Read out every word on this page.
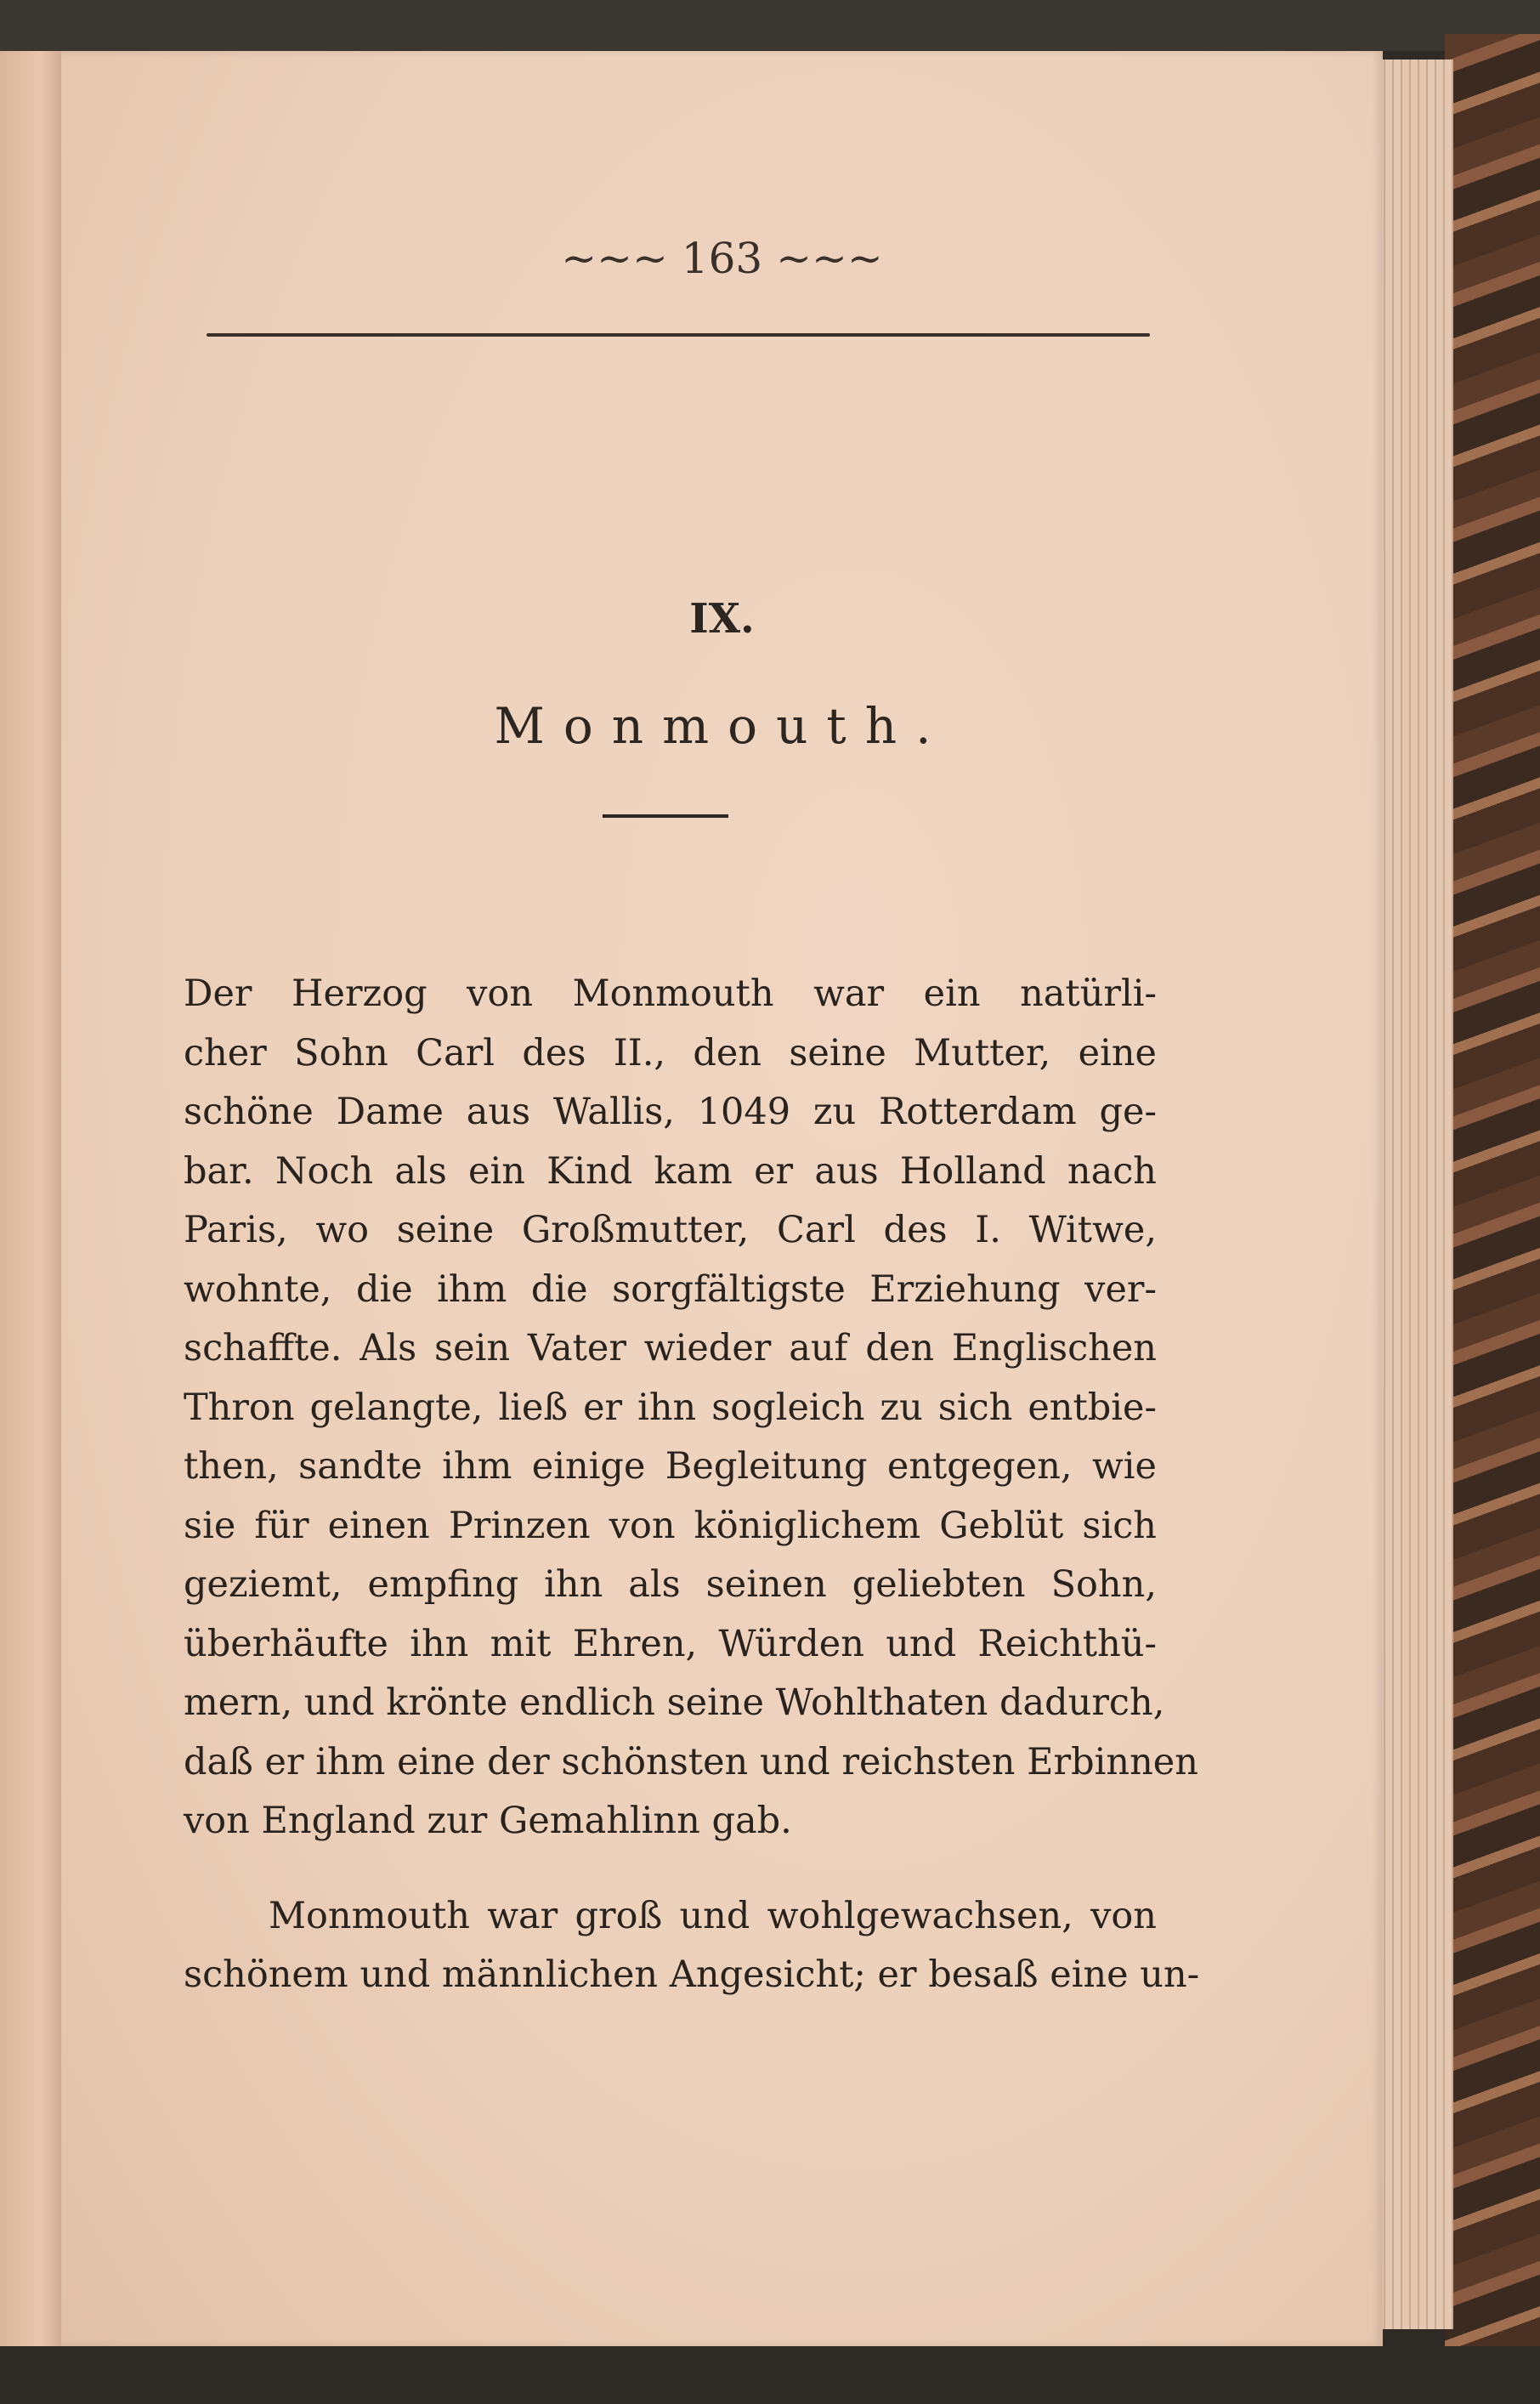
~~~ 163 ~~~
IX.
Monmouth.
Der Herzog von Monmouth war ein natürli-
cher Sohn Carl des II., den seine Mutter, eine
schöne Dame aus Wallis, 1049 zu Rotterdam ge-
bar. Noch als ein Kind kam er aus Holland nach
Paris, wo seine Großmutter, Carl des I. Witwe,
wohnte, die ihm die sorgfältigste Erziehung ver-
schaffte. Als sein Vater wieder auf den Englischen
Thron gelangte, ließ er ihn sogleich zu sich entbie-
then, sandte ihm einige Begleitung entgegen, wie
sie für einen Prinzen von königlichem Geblüt sich
geziemt, empfing ihn als seinen geliebten Sohn,
überhäufte ihn mit Ehren, Würden und Reichthü-
mern, und krönte endlich seine Wohlthaten dadurch,
daß er ihm eine der schönsten und reichsten Erbinnen
von England zur Gemahlinn gab.
Monmouth war groß und wohlgewachsen, von
schönem und männlichen Angesicht; er besaß eine un-
